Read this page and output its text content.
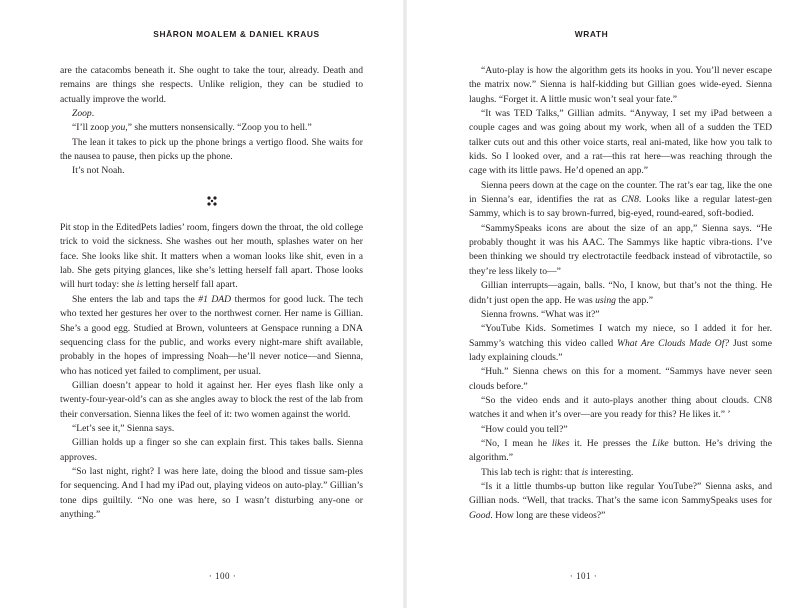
SHĀRON MOALEM & DANIEL KRAUS

are the catacombs beneath it. She ought to take the tour, already. Death and remains are things she respects. Unlike religion, they can be studied to actually improve the world.

Zoop.

“I’ll zoop you,” she mutters nonsensically. “Zoop you to hell.”

The lean it takes to pick up the phone brings a vertigo flood. She waits for the nausea to pause, then picks up the phone.

It’s not Noah.

Pit stop in the EditedPets ladies’ room, fingers down the throat, the old college trick to void the sickness. She washes out her mouth, splashes water on her face. She looks like shit. It matters when a woman looks like shit, even in a lab. She gets pitying glances, like she’s letting herself fall apart. Those looks will hurt today: she is letting herself fall apart.

She enters the lab and taps the #1 DAD thermos for good luck. The tech who texted her gestures her over to the northwest corner. Her name is Gillian. She’s a good egg. Studied at Brown, volunteers at Genspace running a DNA sequencing class for the public, and works every night-mare shift available, probably in the hopes of impressing Noah—he’ll never notice—and Sienna, who has noticed yet failed to compliment, per usual.

Gillian doesn’t appear to hold it against her. Her eyes flash like only a twenty-four-year-old’s can as she angles away to block the rest of the lab from their conversation. Sienna likes the feel of it: two women against the world.

“Let’s see it,” Sienna says.

Gillian holds up a finger so she can explain first. This takes balls. Sienna approves.

“So last night, right? I was here late, doing the blood and tissue sam-ples for sequencing. And I had my iPad out, playing videos on auto-play.” Gillian’s tone dips guiltily. “No one was here, so I wasn’t disturbing any-one or anything.”

· 100 ·
WRATH

“Auto-play is how the algorithm gets its hooks in you. You’ll never escape the matrix now.” Sienna is half-kidding but Gillian goes wide-eyed. Sienna laughs. “Forget it. A little music won’t seal your fate.”

“It was TED Talks,” Gillian admits. “Anyway, I set my iPad between a couple cages and was going about my work, when all of a sudden the TED talker cuts out and this other voice starts, real ani-mated, like how you talk to kids. So I looked over, and a rat—this rat here—was reaching through the cage with its little paws. He’d opened an app.”

Sienna peers down at the cage on the counter. The rat’s ear tag, like the one in Sienna’s ear, identifies the rat as CN8. Looks like a regular latest-gen Sammy, which is to say brown-furred, big-eyed, round-eared, soft-bodied.

“SammySpeaks icons are about the size of an app,” Sienna says. “He probably thought it was his AAC. The Sammys like haptic vibra-tions. I’ve been thinking we should try electrotactile feedback instead of vibrotactile, so they’re less likely to—”

Gillian interrupts—again, balls. “No, I know, but that’s not the thing. He didn’t just open the app. He was using the app.”

Sienna frowns. “What was it?”

“YouTube Kids. Sometimes I watch my niece, so I added it for her. Sammy’s watching this video called What Are Clouds Made Of? Just some lady explaining clouds.”

“Huh.” Sienna chews on this for a moment. “Sammys have never seen clouds before.”

“So the video ends and it auto-plays another thing about clouds. CN8 watches it and when it’s over—are you ready for this? He likes it.” ’

“How could you tell?”

“No, I mean he likes it. He presses the Like button. He’s driving the algorithm.”

This lab tech is right: that is interesting.

“Is it a little thumbs-up button like regular YouTube?” Sienna asks, and Gillian nods. “Well, that tracks. That’s the same icon SammySpeaks uses for Good. How long are these videos?”

· 101 ·
